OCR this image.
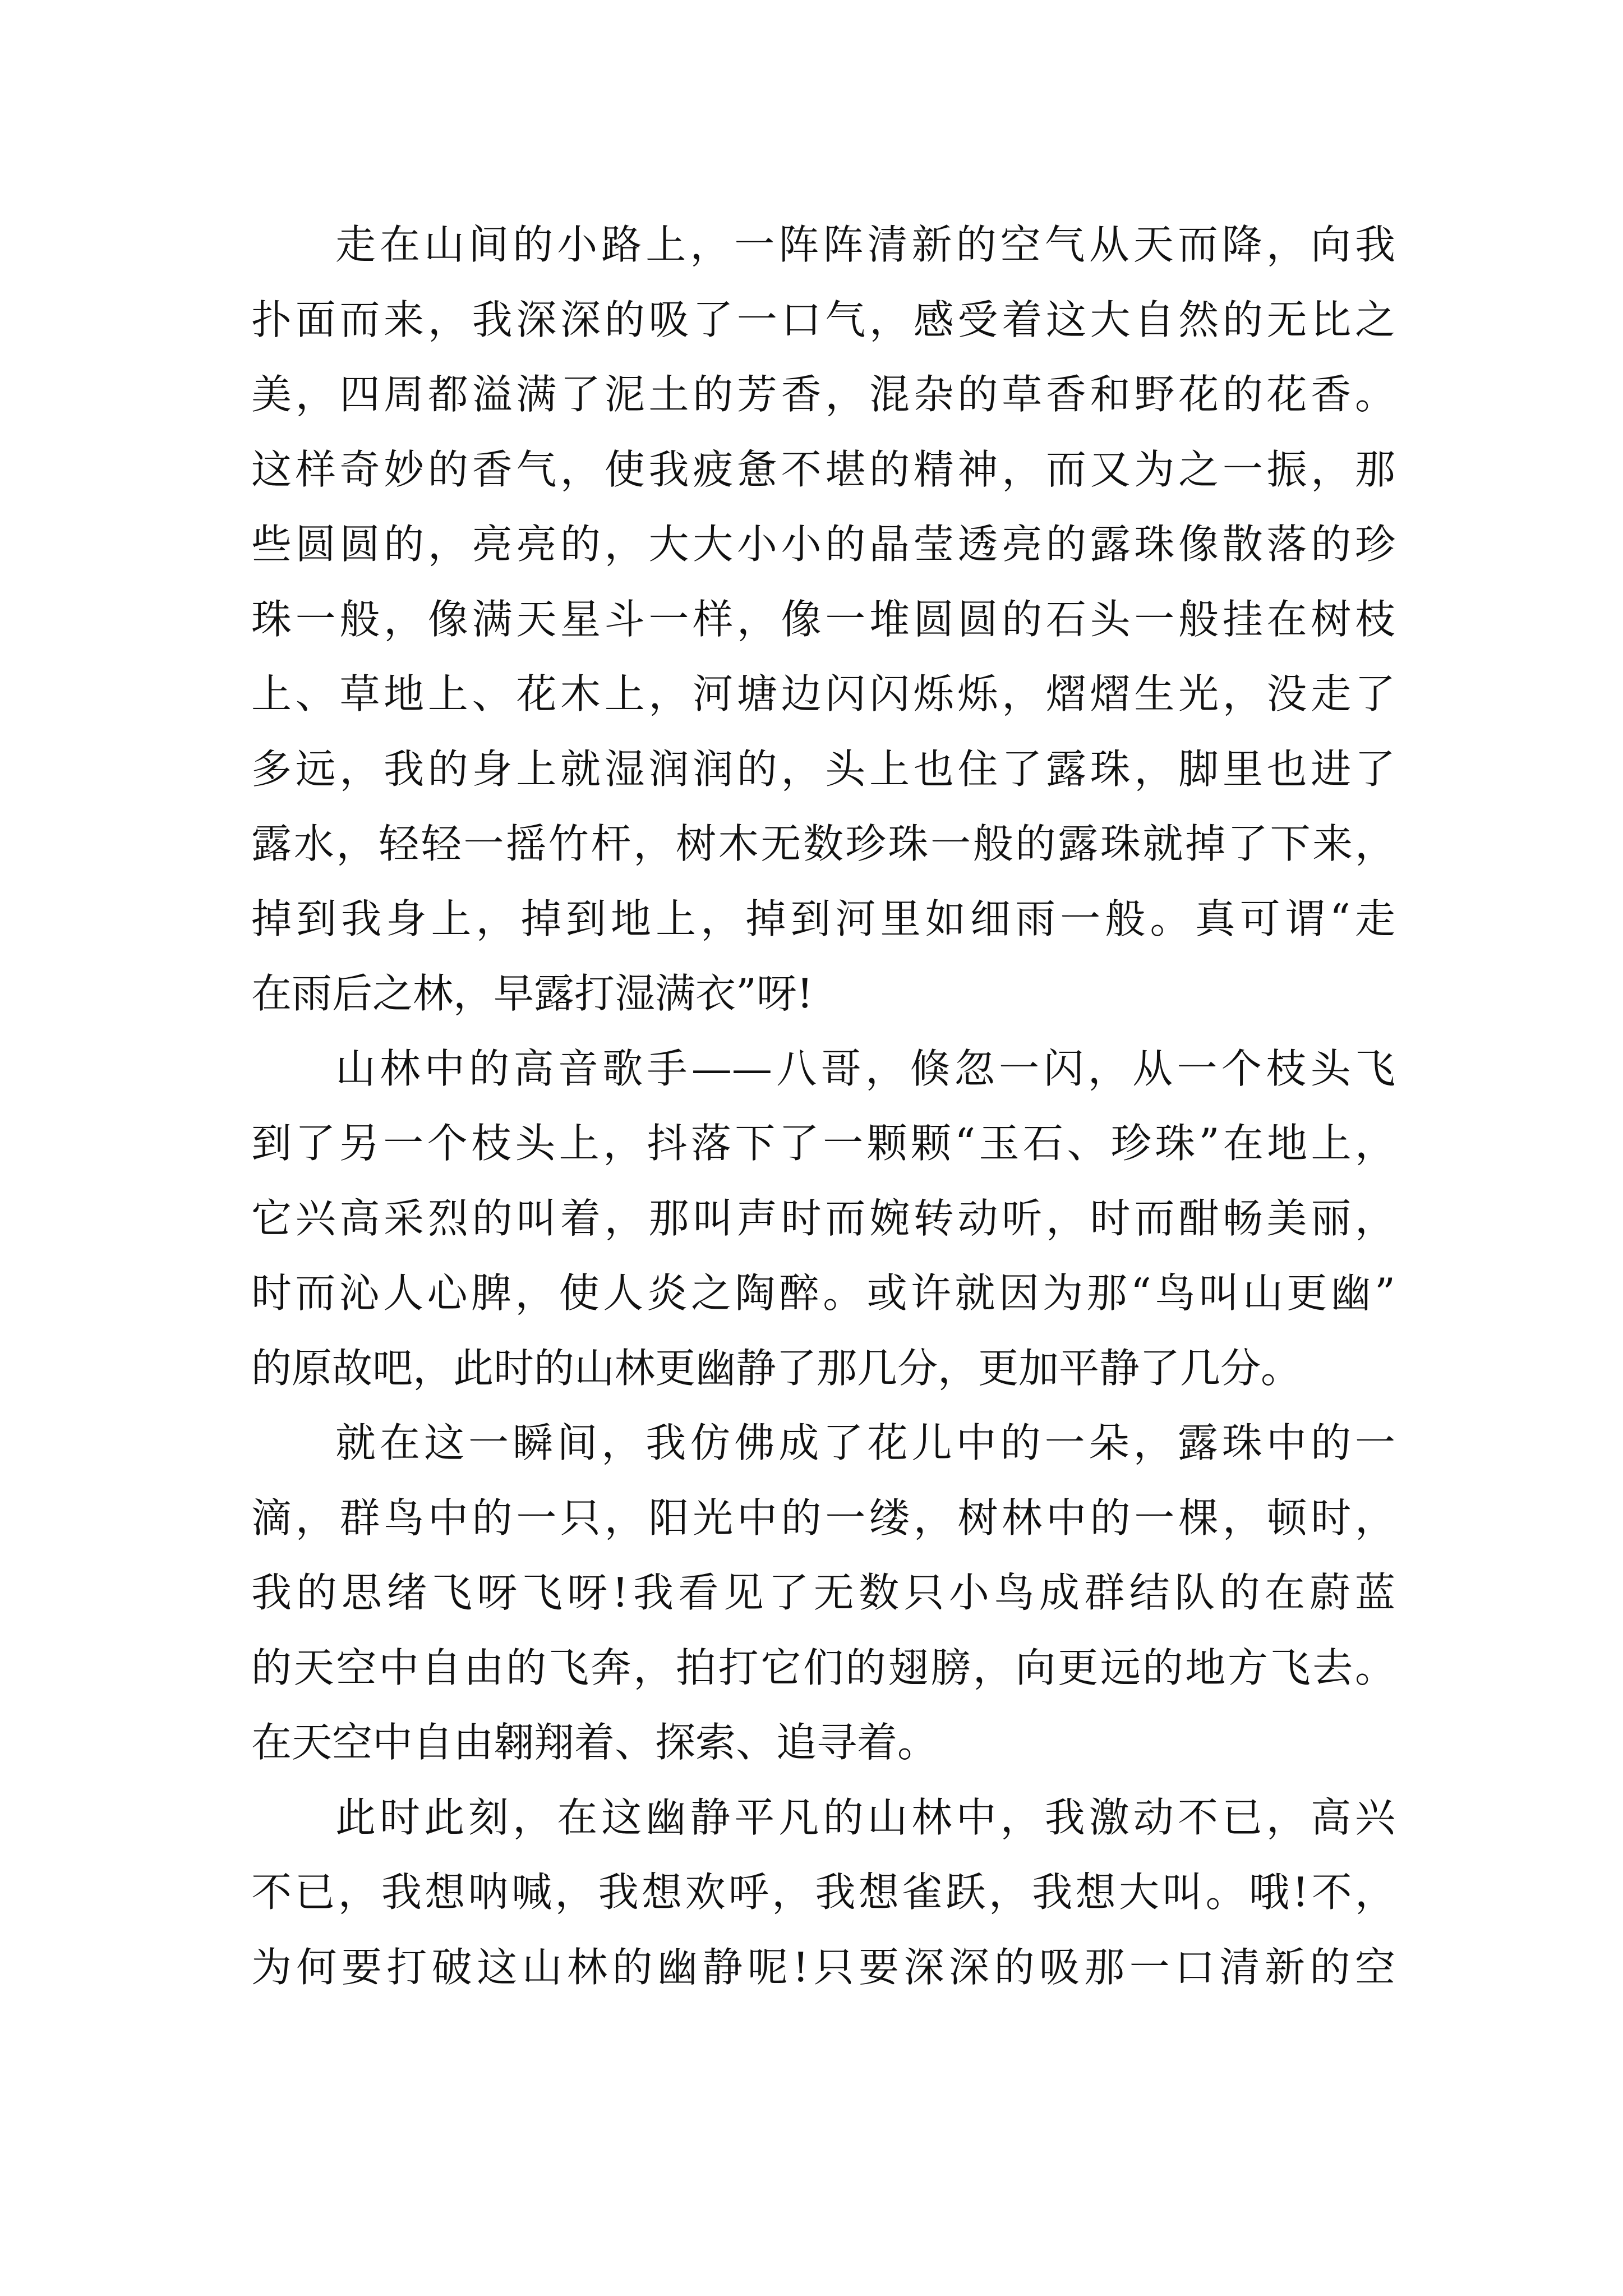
走在山间的小路上，一阵阵清新的空气从天而降，向我
扑面而来，我深深的吸了一口气，感受着这大自然的无比之
美，四周都溢满了泥土的芳香，混杂的草香和野花的花香。
这样奇妙的香气，使我疲惫不堪的精神，而又为之一振，那
些圆圆的，亮亮的，大大小小的晶莹透亮的露珠像散落的珍
珠一般，像满天星斗一样，像一堆圆圆的石头一般挂在树枝
上、草地上、花木上，河塘边闪闪烁烁，熠熠生光，没走了
多远，我的身上就湿润润的，头上也住了露珠，脚里也进了
露水，轻轻一摇竹杆，树木无数珍珠一般的露珠就掉了下来，
掉到我身上，掉到地上，掉到河里如细雨一般。真可谓“走
在雨后之林，早露打湿满衣”呀!
山林中的高音歌手——八哥，倏忽一闪，从一个枝头飞
到了另一个枝头上，抖落下了一颗颗“玉石、珍珠”在地上，
它兴高采烈的叫着，那叫声时而婉转动听，时而酣畅美丽，
时而沁人心脾，使人炎之陶醉。或许就因为那“鸟叫山更幽”
的原故吧，此时的山林更幽静了那几分，更加平静了几分。
就在这一瞬间，我仿佛成了花儿中的一朵，露珠中的一
滴，群鸟中的一只，阳光中的一缕，树林中的一棵，顿时，
我的思绪飞呀飞呀!我看见了无数只小鸟成群结队的在蔚蓝
的天空中自由的飞奔，拍打它们的翅膀，向更远的地方飞去。
在天空中自由翱翔着、探索、追寻着。
此时此刻，在这幽静平凡的山林中，我激动不已，高兴
不已，我想呐喊，我想欢呼，我想雀跃，我想大叫。哦!不，
为何要打破这山林的幽静呢!只要深深的吸那一口清新的空
